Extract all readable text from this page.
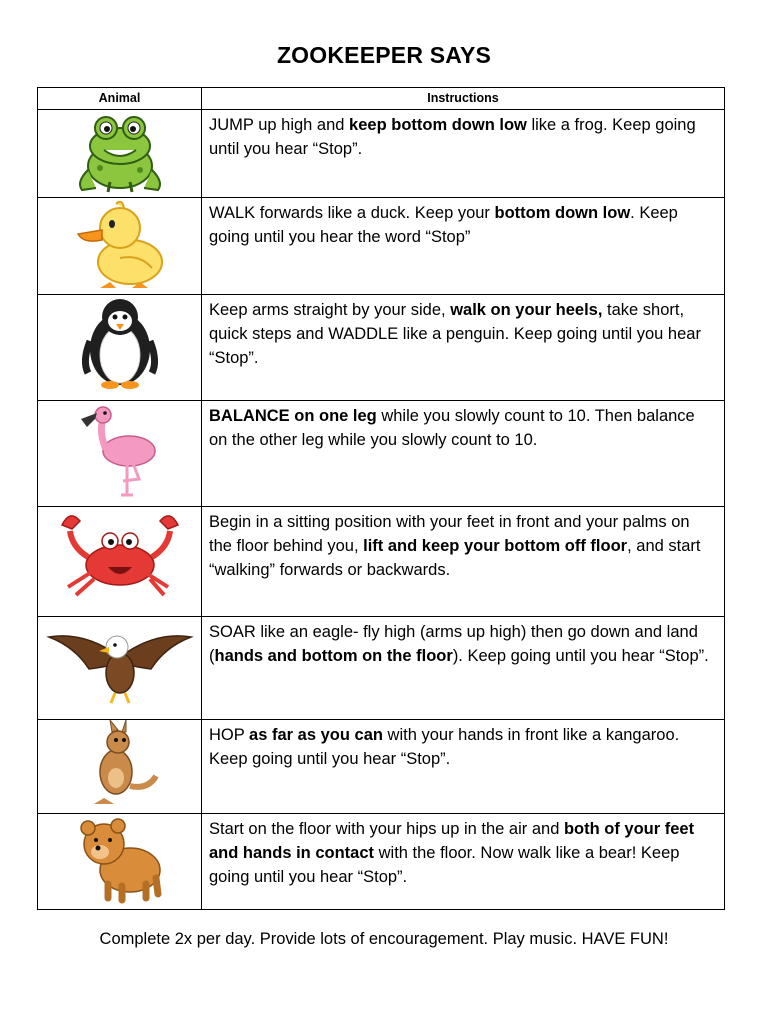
ZOOKEEPER SAYS
Animal	Instructions

	JUMP up high and keep bottom down low like a frog. Keep going until you hear “Stop”.

	WALK forwards like a duck. Keep your bottom down low. Keep going until you hear the word “Stop”

	Keep arms straight by your side, walk on your heels, take short, quick steps and WADDLE like a penguin. Keep going until you hear “Stop”.

	BALANCE on one leg while you slowly count to 10. Then balance on the other leg while you slowly count to 10.

	Begin in a sitting position with your feet in front and your palms on the floor behind you, lift and keep your bottom off floor, and start “walking” forwards or backwards.

	SOAR like an eagle- fly high (arms up high) then go down and land (hands and bottom on the floor). Keep going until you hear “Stop”.

	HOP as far as you can with your hands in front like a kangaroo. Keep going until you hear “Stop”.

	Start on the floor with your hips up in the air and both of your feet and hands in contact with the floor. Now walk like a bear! Keep going until you hear “Stop”.
Complete 2x per day. Provide lots of encouragement. Play music. HAVE FUN!
